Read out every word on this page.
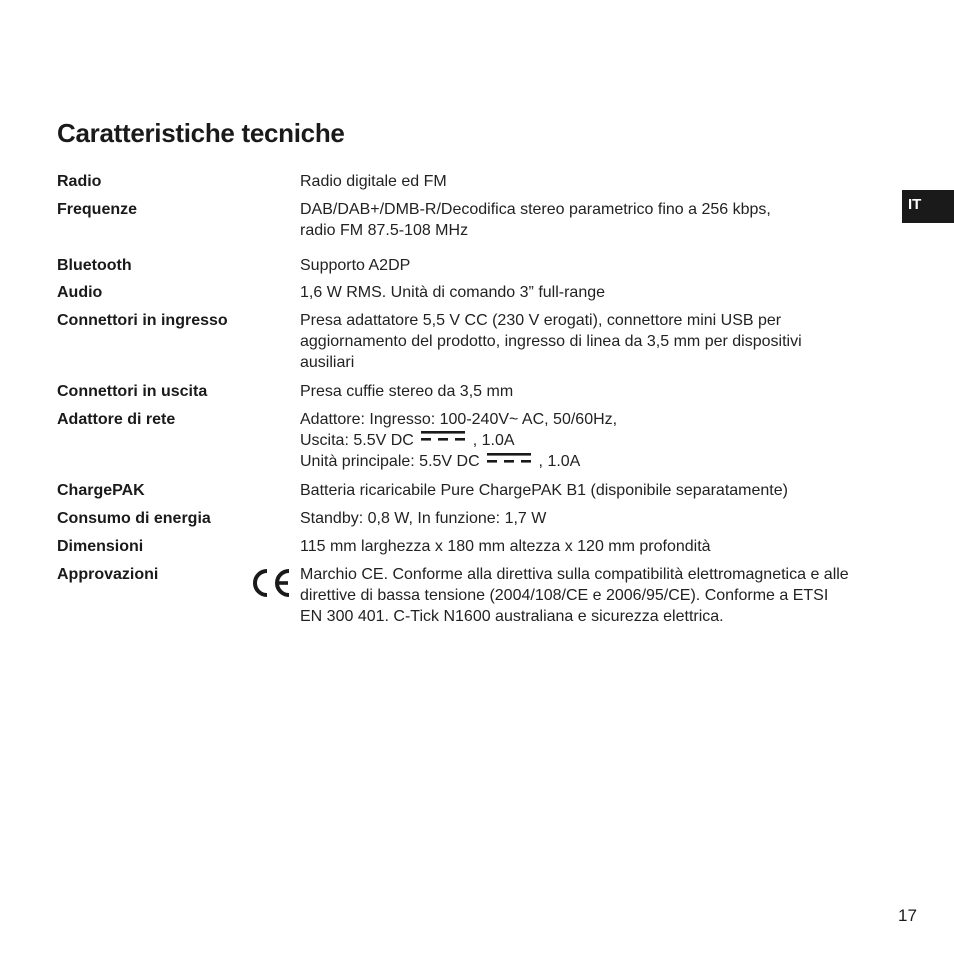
Caratteristiche tecniche
IT
Radio	Radio digitale ed FM
Frequenze	DAB/DAB+/DMB-R/Decodifica stereo parametrico fino a 256 kbps,
radio FM 87.5-108 MHz
Bluetooth	Supporto A2DP
Audio	1,6 W RMS. Unità di comando 3” full-range
Connettori in ingresso	Presa adattatore 5,5 V CC (230 V erogati), connettore mini USB per
aggiornamento del prodotto, ingresso di linea da 3,5 mm per dispositivi
ausiliari
Connettori in uscita	Presa cuffie stereo da 3,5 mm
Adattore di rete	Adattore: Ingresso: 100-240V~ AC, 50/60Hz,
Uscita: 5.5V DC	, 1.0A
Unità principale: 5.5V DC	, 1.0A
ChargePAK	Batteria ricaricabile Pure ChargePAK B1 (disponibile separatamente)
Consumo di energia	Standby: 0,8 W, In funzione: 1,7 W
Dimensioni	115 mm larghezza x 180 mm altezza x 120 mm profondità
Approvazioni	Marchio CE. Conforme alla direttiva sulla compatibilità elettromagnetica e alle
direttive di bassa tensione (2004/108/CE e 2006/95/CE). Conforme a ETSI
EN 300 401. C-Tick N1600 australiana e sicurezza elettrica.
17
